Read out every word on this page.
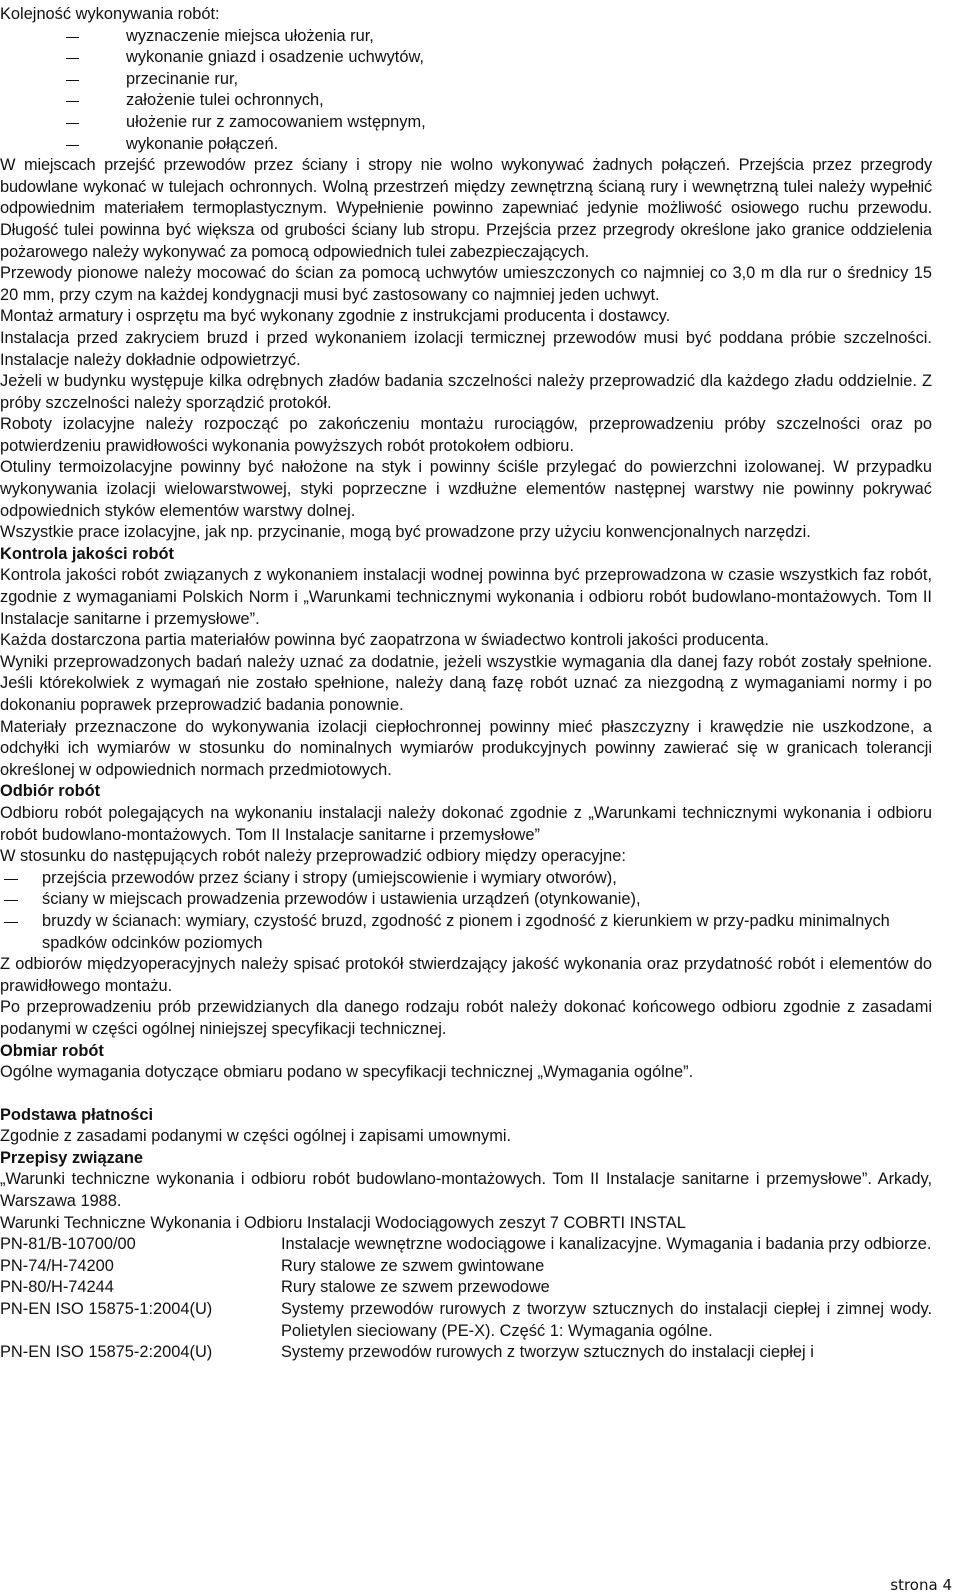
Kolejność wykonywania robót:

wyznaczenie miejsca ułożenia rur,
wykonanie gniazd i osadzenie uchwytów,
przecinanie rur,
założenie tulei ochronnych,
ułożenie rur z zamocowaniem wstępnym,
wykonanie połączeń.

W miejscach przejść przewodów przez ściany i stropy nie wolno wykonywać żadnych połączeń. Przejścia przez przegrody budowlane wykonać w tulejach ochronnych. Wolną przestrzeń między zewnętrzną ścianą rury i wewnętrzną tulei należy wypełnić odpowiednim materiałem termoplastycznym. Wypełnienie powinno zapewniać jedynie możliwość osiowego ruchu przewodu. Długość tulei powinna być większa od grubości ściany lub stropu. Przejścia przez przegrody określone jako granice oddzielenia pożarowego należy wykonywać za pomocą odpowiednich tulei zabezpieczających.

Przewody pionowe należy mocować do ścian za pomocą uchwytów umieszczonych co najmniej co 3,0 m dla rur o średnicy 15 20 mm, przy czym na każdej kondygnacji musi być zastosowany co najmniej jeden uchwyt.

Montaż armatury i osprzętu ma być wykonany zgodnie z instrukcjami producenta i dostawcy.

Instalacja przed zakryciem bruzd i przed wykonaniem izolacji termicznej przewodów musi być poddana próbie szczelności. Instalacje należy dokładnie odpowietrzyć.

Jeżeli w budynku występuje kilka odrębnych zładów badania szczelności należy przeprowadzić dla każdego zładu oddzielnie. Z próby szczelności należy sporządzić protokół.

Roboty izolacyjne należy rozpocząć po zakończeniu montażu rurociągów, przeprowadzeniu próby szczelności oraz po potwierdzeniu prawidłowości wykonania powyższych robót protokołem odbioru.

Otuliny termoizolacyjne powinny być nałożone na styk i powinny ściśle przylegać do powierzchni izolowanej. W przypadku wykonywania izolacji wielowarstwowej, styki poprzeczne i wzdłużne elementów następnej warstwy nie powinny pokrywać odpowiednich styków elementów warstwy dolnej.

Wszystkie prace izolacyjne, jak np. przycinanie, mogą być prowadzone przy użyciu konwencjonalnych narzędzi.

Kontrola jakości robót

Kontrola jakości robót związanych z wykonaniem instalacji wodnej powinna być przeprowadzona w czasie wszystkich faz robót, zgodnie z wymaganiami Polskich Norm i „Warunkami technicznymi wykonania i odbioru robót budowlano-montażowych. Tom II Instalacje sanitarne i przemysłowe”.

Każda dostarczona partia materiałów powinna być zaopatrzona w świadectwo kontroli jakości producenta.

Wyniki przeprowadzonych badań należy uznać za dodatnie, jeżeli wszystkie wymagania dla danej fazy robót zostały spełnione. Jeśli którekolwiek z wymagań nie zostało spełnione, należy daną fazę robót uznać za niezgodną z wymaganiami normy i po dokonaniu poprawek przeprowadzić badania ponownie.

Materiały przeznaczone do wykonywania izolacji ciepłochronnej powinny mieć płaszczyzny i krawędzie nie uszkodzone, a odchyłki ich wymiarów w stosunku do nominalnych wymiarów produkcyjnych powinny zawierać się w granicach tolerancji określonej w odpowiednich normach przedmiotowych.

Odbiór robót

Odbioru robót polegających na wykonaniu instalacji należy dokonać zgodnie z „Warunkami technicznymi wykonania i odbioru robót budowlano-montażowych. Tom II Instalacje sanitarne i przemysłowe”

W stosunku do następujących robót należy przeprowadzić odbiory między operacyjne:

przejścia przewodów przez ściany i stropy (umiejscowienie i wymiary otworów),
ściany w miejscach prowadzenia przewodów i ustawienia urządzeń (otynkowanie),
bruzdy w ścianach: wymiary, czystość bruzd, zgodność z pionem i zgodność z kierunkiem w przy-padku minimalnych spadków odcinków poziomych

Z odbiorów międzyoperacyjnych należy spisać protokół stwierdzający jakość wykonania oraz przydatność robót i elementów do prawidłowego montażu.

Po przeprowadzeniu prób przewidzianych dla danego rodzaju robót należy dokonać końcowego odbioru zgodnie z zasadami podanymi w części ogólnej niniejszej specyfikacji technicznej.

Obmiar robót

Ogólne wymagania dotyczące obmiaru podano w specyfikacji technicznej „Wymagania ogólne”.

Podstawa płatności

Zgodnie z zasadami podanymi w części ogólnej i zapisami umownymi.

Przepisy związane

„Warunki techniczne wykonania i odbioru robót budowlano-montażowych. Tom II Instalacje sanitarne i przemysłowe”. Arkady, Warszawa 1988.

Warunki Techniczne Wykonania i Odbioru Instalacji Wodociągowych zeszyt 7 COBRTI INSTAL

PN-81/B-10700/00	Instalacje wewnętrzne wodociągowe i kanalizacyjne. Wymagania i badania przy odbiorze.
PN-74/H-74200	Rury stalowe ze szwem gwintowane
PN-80/H-74244	Rury stalowe ze szwem przewodowe
PN-EN ISO 15875-1:2004(U)	Systemy przewodów rurowych z tworzyw sztucznych do instalacji ciepłej i zimnej wody. Polietylen sieciowany (PE-X). Część 1: Wymagania ogólne.
PN-EN ISO 15875-2:2004(U)	Systemy przewodów rurowych z tworzyw sztucznych do instalacji ciepłej i
strona 4
